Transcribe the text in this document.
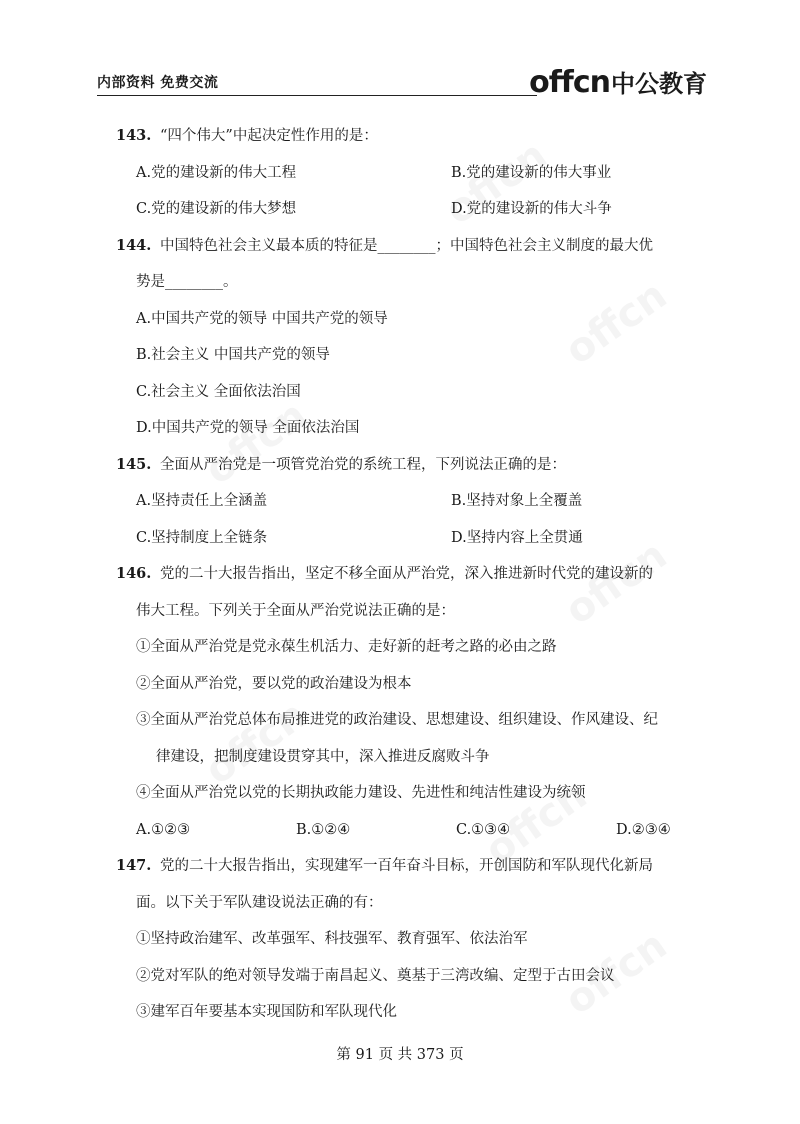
内部资料 免费交流	offcn 中公教育
143. “四个伟大”中起决定性作用的是：
A.党的建设新的伟大工程	B.党的建设新的伟大事业
C.党的建设新的伟大梦想	D.党的建设新的伟大斗争
144. 中国特色社会主义最本质的特征是________；中国特色社会主义制度的最大优
势是________。
A.中国共产党的领导 中国共产党的领导
B.社会主义 中国共产党的领导
C.社会主义 全面依法治国
D.中国共产党的领导 全面依法治国
145. 全面从严治党是一项管党治党的系统工程，下列说法正确的是：
A.坚持责任上全涵盖	B.坚持对象上全覆盖
C.坚持制度上全链条	D.坚持内容上全贯通
146. 党的二十大报告指出，坚定不移全面从严治党，深入推进新时代党的建设新的
伟大工程。下列关于全面从严治党说法正确的是：
①全面从严治党是党永葆生机活力、走好新的赶考之路的必由之路
②全面从严治党，要以党的政治建设为根本
③全面从严治党总体布局推进党的政治建设、思想建设、组织建设、作风建设、纪
律建设，把制度建设贯穿其中，深入推进反腐败斗争
④全面从严治党以党的长期执政能力建设、先进性和纯洁性建设为统领
A.①②③	B.①②④	C.①③④	D.②③④
147. 党的二十大报告指出，实现建军一百年奋斗目标，开创国防和军队现代化新局
面。以下关于军队建设说法正确的有：
①坚持政治建军、改革强军、科技强军、教育强军、依法治军
②党对军队的绝对领导发端于南昌起义、奠基于三湾改编、定型于古田会议
③建军百年要基本实现国防和军队现代化
第 91 页 共 373 页
